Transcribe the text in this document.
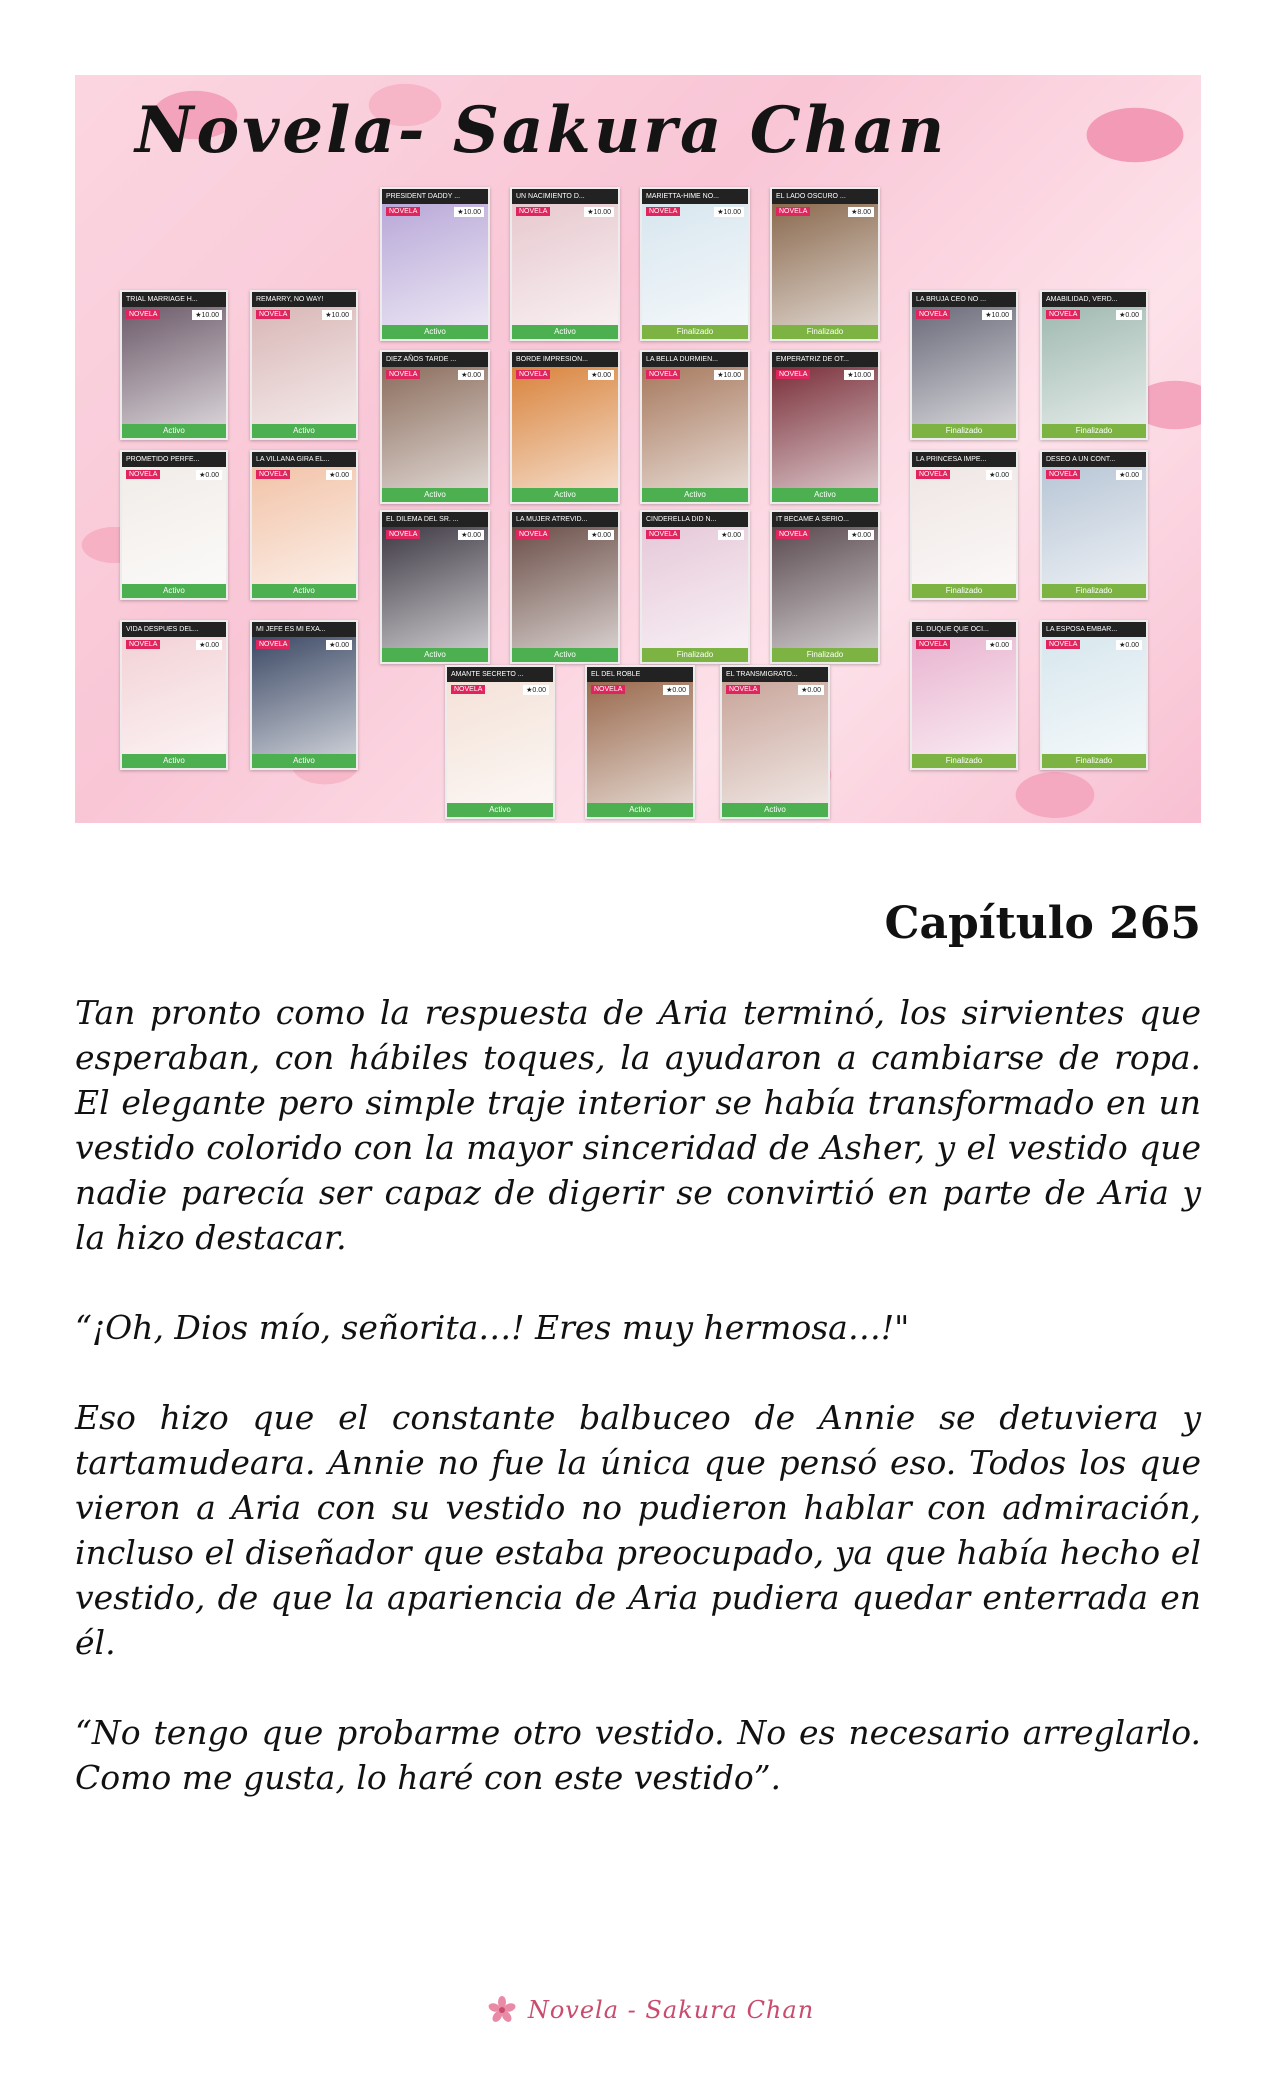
Novela- Sakura Chan
TRIAL MARRIAGE H...
NOVELA	★10.00
Activo
REMARRY, NO WAY!
NOVELA	★10.00
Activo
PRESIDENT DADDY ...
NOVELA	★10.00
Activo
UN NACIMIENTO D...
NOVELA	★10.00
Activo
MARIETTA-HIME NO...
NOVELA	★10.00
Finalizado
EL LADO OSCURO ...
NOVELA	★8.00
Finalizado
LA BRUJA CEO NO ...
NOVELA	★10.00
Finalizado
AMABILIDAD, VERD...
NOVELA	★0.00
Finalizado
PROMETIDO PERFE...
NOVELA	★0.00
Activo
LA VILLANA GIRA EL...
NOVELA	★0.00
Activo
DIEZ AÑOS TARDE ...
NOVELA	★0.00
Activo
BORDE IMPRESION...
NOVELA	★0.00
Activo
LA BELLA DURMIEN...
NOVELA	★10.00
Activo
EMPERATRIZ DE OT...
NOVELA	★10.00
Activo
LA PRINCESA IMPE...
NOVELA	★0.00
Finalizado
DESEO A UN CONT...
NOVELA	★0.00
Finalizado
EL DILEMA DEL SR. ...
NOVELA	★0.00
Activo
LA MUJER ATREVID...
NOVELA	★0.00
Activo
CINDERELLA DID N...
NOVELA	★0.00
Finalizado
IT BECAME A SERIO...
NOVELA	★0.00
Finalizado
VIDA DESPUES DEL...
NOVELA	★0.00
Activo
MI JEFE ES MI EXA...
NOVELA	★0.00
Activo
AMANTE SECRETO ...
NOVELA	★0.00
Activo
EL DEL ROBLE
NOVELA	★0.00
Activo
EL TRANSMIGRATO...
NOVELA	★0.00
Activo
EL DUQUE QUE OCI...
NOVELA	★0.00
Finalizado
LA ESPOSA EMBAR...
NOVELA	★0.00
Finalizado
Capítulo 265

Tan pronto como la respuesta de Aria terminó, los sirvientes que esperaban, con hábiles toques, la ayudaron a cambiarse de ropa. El elegante pero simple traje interior se había transformado en un vestido colorido con la mayor sinceridad de Asher, y el vestido que nadie parecía ser capaz de digerir se convirtió en parte de Aria y la hizo destacar.

“¡Oh, Dios mío, señorita…! Eres muy hermosa…!"

Eso hizo que el constante balbuceo de Annie se detuviera y tartamudeara. Annie no fue la única que pensó eso. Todos los que vieron a Aria con su vestido no pudieron hablar con admiración, incluso el diseñador que estaba preocupado, ya que había hecho el vestido, de que la apariencia de Aria pudiera quedar enterrada en él.

“No tengo que probarme otro vestido. No es necesario arreglarlo. Como me gusta, lo haré con este vestido”.

Novela - Sakura Chan
